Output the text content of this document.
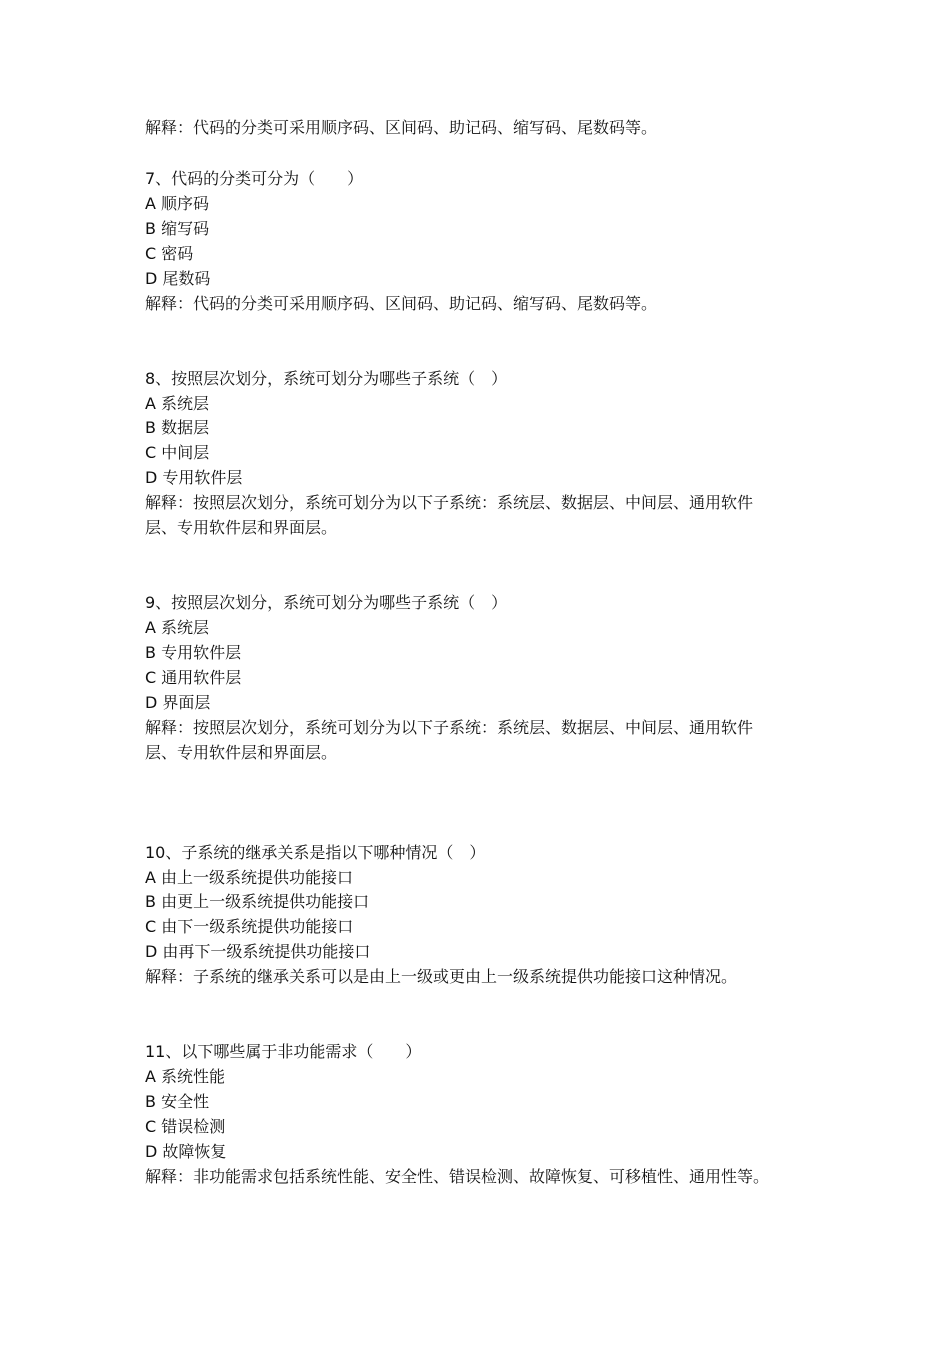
解释：代码的分类可采用顺序码、区间码、助记码、缩写码、尾数码等。

7、代码的分类可分为（　　）

A 顺序码

B 缩写码

C 密码

D 尾数码

解释：代码的分类可采用顺序码、区间码、助记码、缩写码、尾数码等。

8、按照层次划分，系统可划分为哪些子系统（　）

A 系统层

B 数据层

C 中间层

D 专用软件层

解释：按照层次划分，系统可划分为以下子系统：系统层、数据层、中间层、通用软件

层、专用软件层和界面层。

9、按照层次划分，系统可划分为哪些子系统（　）

A 系统层

B 专用软件层

C 通用软件层

D 界面层

解释：按照层次划分，系统可划分为以下子系统：系统层、数据层、中间层、通用软件

层、专用软件层和界面层。

10、子系统的继承关系是指以下哪种情况（　）

A 由上一级系统提供功能接口

B 由更上一级系统提供功能接口

C 由下一级系统提供功能接口

D 由再下一级系统提供功能接口

解释：子系统的继承关系可以是由上一级或更由上一级系统提供功能接口这种情况。

11、以下哪些属于非功能需求（　　）

A 系统性能

B 安全性

C 错误检测

D 故障恢复

解释：非功能需求包括系统性能、安全性、错误检测、故障恢复、可移植性、通用性等。
